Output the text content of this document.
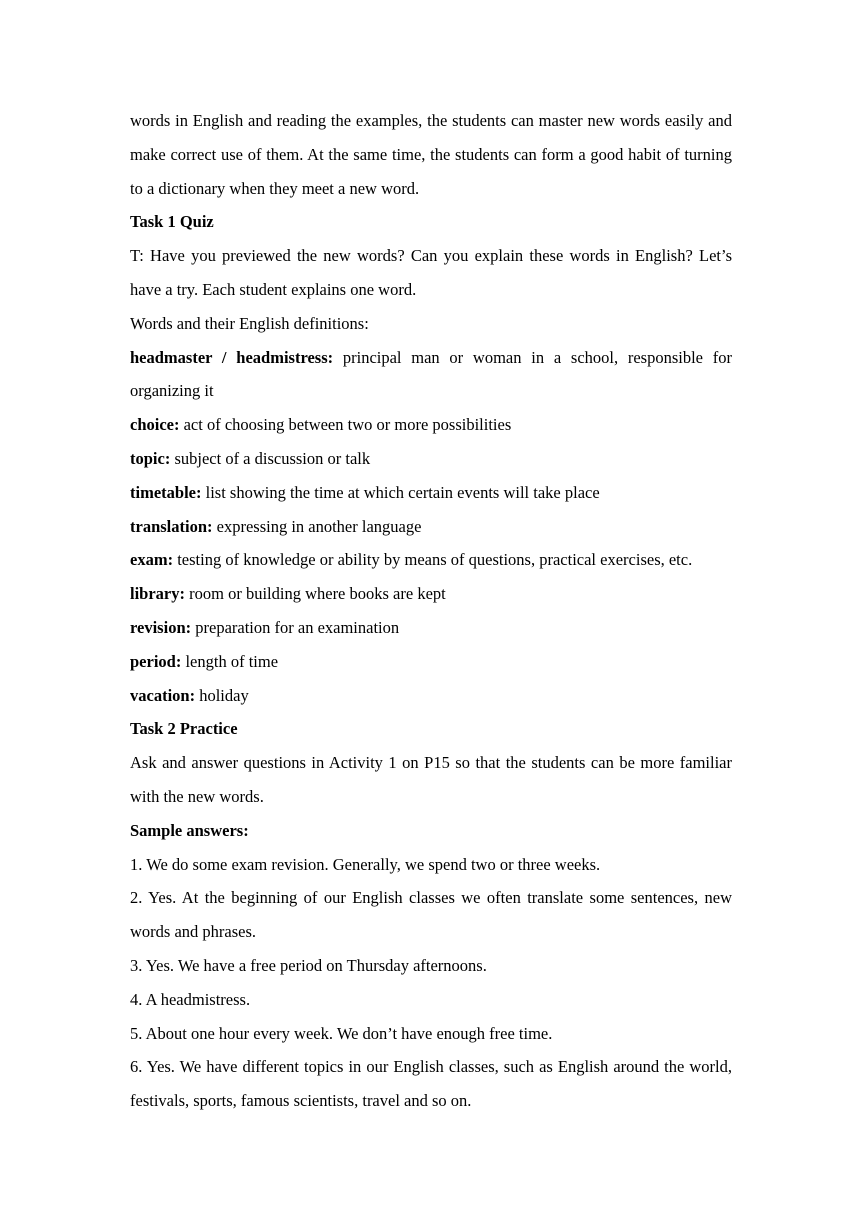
words in English and reading the examples, the students can master new words easily and make correct use of them. At the same time, the students can form a good habit of turning to a dictionary when they meet a new word.

Task 1 Quiz

T: Have you previewed the new words? Can you explain these words in English? Let’s have a try. Each student explains one word.

Words and their English definitions:

headmaster / headmistress: principal man or woman in a school, responsible for organizing it

choice: act of choosing between two or more possibilities

topic: subject of a discussion or talk

timetable: list showing the time at which certain events will take place

translation: expressing in another language

exam: testing of knowledge or ability by means of questions, practical exercises, etc.

library: room or building where books are kept

revision: preparation for an examination

period: length of time

vacation: holiday

Task 2 Practice

Ask and answer questions in Activity 1 on P15 so that the students can be more familiar with the new words.

Sample answers:

1. We do some exam revision. Generally, we spend two or three weeks.

2. Yes. At the beginning of our English classes we often translate some sentences, new words and phrases.

3. Yes. We have a free period on Thursday afternoons.

4. A headmistress.

5. About one hour every week. We don’t have enough free time.

6. Yes. We have different topics in our English classes, such as English around the world, festivals, sports, famous scientists, travel and so on.
